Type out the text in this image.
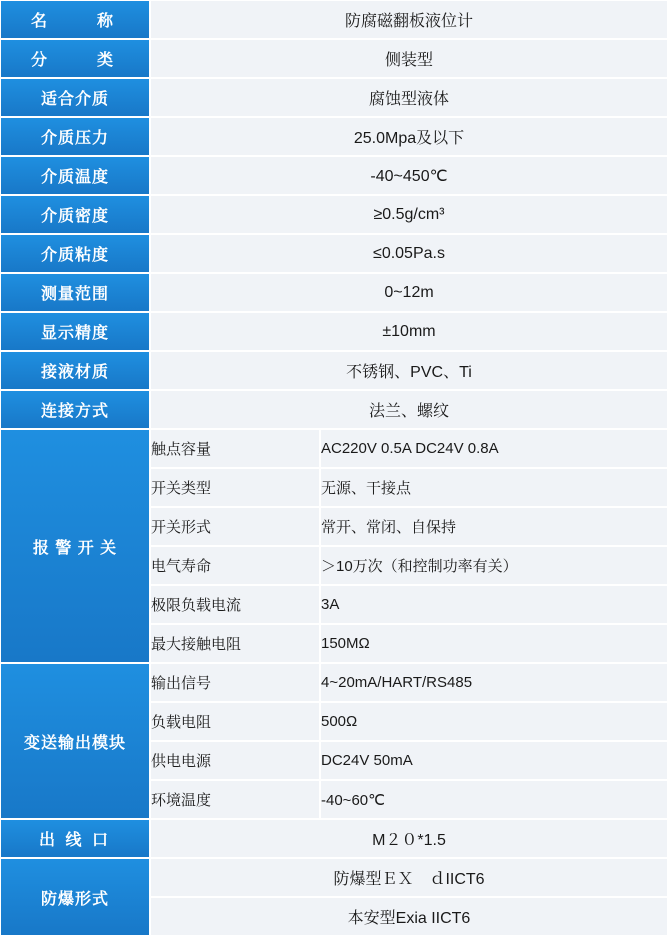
名　　称	防腐磁翻板液位计
分　　类	侧装型
适合介质	腐蚀型液体
介质压力	25.0Mpa及以下
介质温度	-40~450℃
介质密度	≥0.5g/cm³
介质粘度	≤0.05Pa.s
测量范围	0~12m
显示精度	±10mm
接液材质	不锈钢、PVC、Ti
连接方式	法兰、螺纹
报 警 开 关	
触点容量	AC220V 0.5A DC24V 0.8A
开关类型	无源、干接点
开关形式	常开、常闭、自保持
电气寿命	＞10万次（和控制功率有关）
极限负载电流	3A
最大接触电阻	150MΩ

变送输出模块	
输出信号	4~20mA/HART/RS485
负载电阻	500Ω
供电电源	DC24V 50mA
环境温度	-40~60℃

出 线 口	M２０*1.5
防爆形式	
防爆型ＥＸ　ｄIICT6
本安型Exia IICT6
